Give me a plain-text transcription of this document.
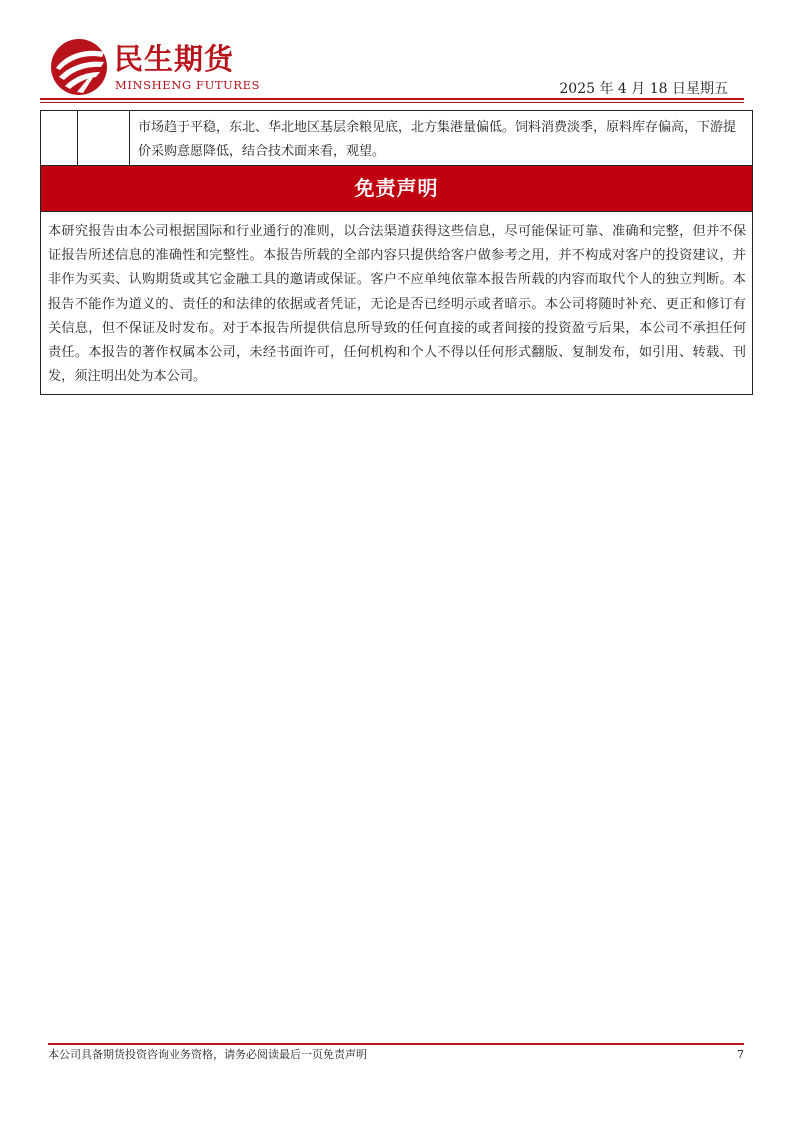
民生期货
MINSHENG FUTURES	2025 年 4 月 18 日星期五
市场趋于平稳，东北、华北地区基层余粮见底，北方集港量偏低。饲料消费淡季，原料库存偏高，下游提价采购意愿降低，结合技术面来看，观望。
免责声明
本研究报告由本公司根据国际和行业通行的准则，以合法渠道获得这些信息，尽可能保证可靠、准确和完整，但并不保证报告所述信息的准确性和完整性。本报告所载的全部内容只提供给客户做参考之用，并不构成对客户的投资建议，并非作为买卖、认购期货或其它金融工具的邀请或保证。客户不应单纯依靠本报告所载的内容而取代个人的独立判断。本报告不能作为道义的、责任的和法律的依据或者凭证，无论是否已经明示或者暗示。本公司将随时补充、更正和修订有关信息，但不保证及时发布。对于本报告所提供信息所导致的任何直接的或者间接的投资盈亏后果，本公司不承担任何责任。本报告的著作权属本公司，未经书面许可，任何机构和个人不得以任何形式翻版、复制发布，如引用、转载、刊发，须注明出处为本公司。
本公司具备期货投资咨询业务资格，请务必阅读最后一页免责声明	7
